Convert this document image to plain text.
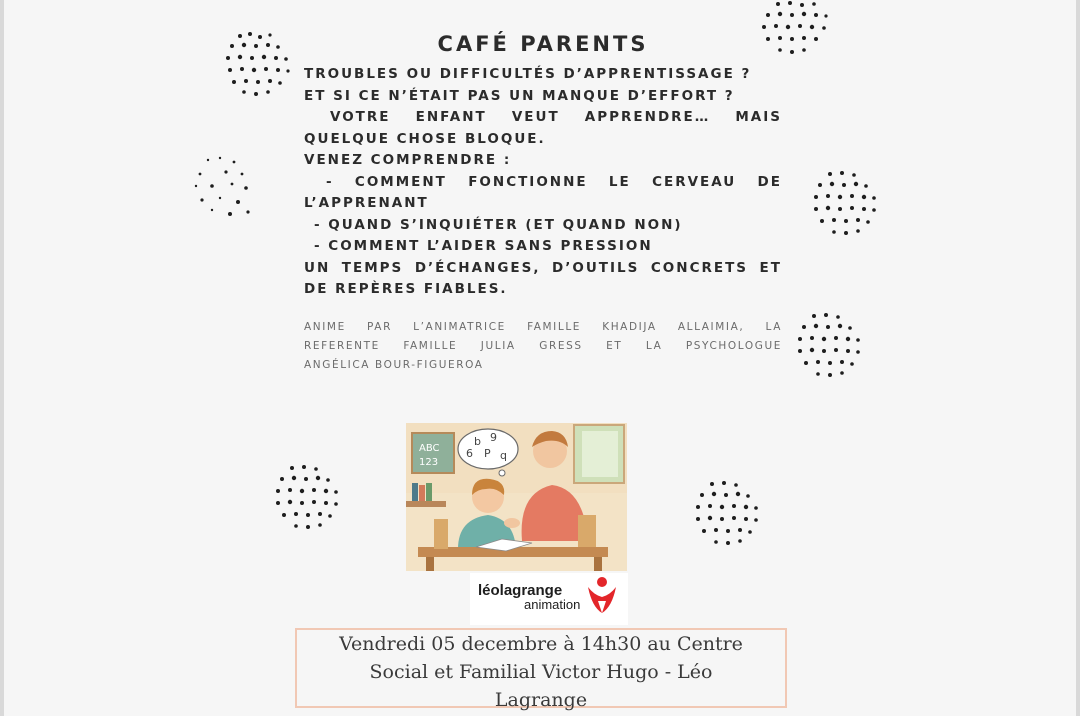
CAFÉ PARENTS
TROUBLES OU DIFFICULTÉS D’APPRENTISSAGE ?
ET SI CE N’ÉTAIT PAS UN MANQUE D’EFFORT ?
VOTRE ENFANT VEUT APPRENDRE… MAIS
QUELQUE CHOSE BLOQUE.
VENEZ COMPRENDRE :
- COMMENT FONCTIONNE LE CERVEAU DE
L’APPRENANT
- QUAND S’INQUIÉTER (ET QUAND NON)
- COMMENT L’AIDER SANS PRESSION
UN TEMPS D’ÉCHANGES, D’OUTILS CONCRETS ET
DE REPÈRES FIABLES.
ANIME PAR L’ANIMATRICE FAMILLE KHADIJA ALLAIMIA, LA
REFERENTE FAMILLE JULIA GRESS ET LA PSYCHOLOGUE
ANGÉLICA BOUR-FIGUEROA
ABC
123
b 9
6 P q
léolagrange
animation
Vendredi 05 decembre à 14h30 au Centre
Social et Familial Victor Hugo - Léo
Lagrange
